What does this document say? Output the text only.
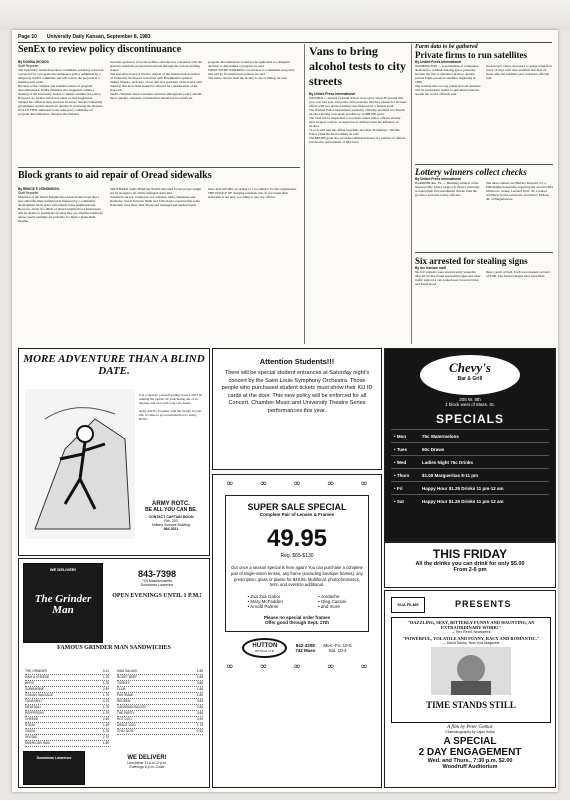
Page 10 University Daily Kansan, September 8, 1983
SenEx to review policy discontinuance
By DONNA WOODS
Staff Reporter
The University Senate Executive Committee yesterday reviewed a proposal for a program discontinuance policy submitted by a temporary SenEx committee and will review the proposal at a meeting next week.
Because of the complex and sensitive nature of program discontinuances, SenEx members also suggested calling a meeting of the University Senate to further examine the policy. However, no formal action was taken on that suggestion.
Several KU officials have stressed, however, that the University government system should act quickly in reviewing the measure.
IN A LETTER addressed to the temporary committee on program discontinuance, Marylee Brochmann,
associate professor of social welfare, said she was concerned with the speed in which the proposal had moved through the various drafting stages.
The executive board of the KU chapter of the American Association of University Professors concurred with Brochmann's opinion.
Sidney Shapiro, professor of law and vice president of the board, said Tuesday that more time should be allowed for consideration of the proposal.
SenEx chairman Jason Carothers said that although the policy should move quickly, adequate consideration should not be sacrificed.
program discontinuance would not be applicable to a Regents' decision to discontinue a program, he said.
WHAT WE'RE WORKING toward here is a statement and policy that will go for internal procedures, he said.
The main concern from the faculty is one of timing, he said.
Block grants to aid repair of Oread sidewalks
By BRUCE F. HONOMICHL
Staff Reporter
Members of the Oread Neighborhood Association hope that a new sidewalk-improvement plan financed by a community development block grant will remedy these neighborhoods.
However, about two-thirds of Oread neighborhood landowners will be unable to participate because they are absentee landlords whose yearly earnings are probably too high to make them eligible.
SOUTHARD SAID THAT the $5,000 allocated for the project might not be enough to fix all the damaged sidewalks.
Southard's survey, conducted on Louisiana, Ohio, Tennessee and Kentucky streets between Ninth and 14th streets, reported that some sidewalks were more than 50 percent damaged and needed repair.
more than $10,000, according to a coordinator for the organization.
THE POLICY OF charging residents who do not repair their sidewalks is not new, according to one city official.
Vans to bring alcohol tests to city streets
By United Press International
WICHITA — Arrests of drunk drivers were up by about 60 percent this year over last year, and police said yesterday that they planned to increase efforts with two alcohol-testing vans financed by a federal grant.
The Wichita Police Department yesterday officially unveiled two Breath Alcohol Testing vans made possible by an $88,000 grant.
The vans can be dispatched to locations where police officers already have stopped a driver on suspicion of driving under the influence of alcohol.
"It now will take the officer hopefully less than 30 minutes," Wichita Police Chief Richard LaMunyon said.
The $88,000 grant also provides additional money for salaries of officers involved in enforcement of DUI laws.
Farm data to be gathered
Private firms to run satellites
By United Press International
WASHINGTON — A partnership of companies, dedicated to commercializing space yesterday became the first to announce plans to operate private Earth-resources satellites beginning in 1986.
The satellite data on crop yields and soil moisture will be particularly useful to agriculture interests around the world, officials said.
stereoscopic views, necessary to gauge water flow every 16 days with data available less than 24 hours after the satellites pass overhead, officials said.
Lottery winners collect checks
By United Press International
HARRISBURG, Pa. — Beaming winners of the largest public lottery jackpot in history yesterday accepted their first installment checks from the governor and state lottery officials.
The three winners are Barbara Knoechi, 25, a Philadelphia housewife expecting her second child within two weeks; Leonard Wolf, 56, a retired bricklayer from Lewistown; and Nancy Molnar, 46, of Burgettstown.
Six arrested for stealing signs
By the Kansan staff
Six KU students were arrested early yesterday after KU police found speed-limit signs and other traffic signs in a van parked near Crescent Drive and Engel Road.
three counts of theft. Each was released on bond of $100. The formal charges have been filed.
MORE ADVENTURE THAN A BLIND DATE.
Can a superior yourself getting down a cliff? Or running the rapids? Or parachuting out of an airplane and over with your own hands.
Army ROTC, Together with the faculty in your life, it's time to get an introduction to Army ROTC.
ARMY ROTC.
BE ALL YOU CAN BE.
CONTACT CAPTAIN MOON
Rm. 203
Military Science Building
864-3311
WE DELIVER!
The Grinder Man
843-7398
704 Massachusetts
Downtown Lawrence
OPEN EVENINGS UNTIL 1 P.M.!
FAMOUS GRINDER MAN SANDWICHES
THE GRINDER	3.41
HAM & CHEESE	1.75
HERO	1.75
SUBMARINE	2.99
ITALIAN SAUSAGE	1.75
TUNA MELT	3.75
MEATBALL	1.75
PEPPERONI	1.75
CHEESE	2.45
STEAK	1.49
GINGA	1.75
VEGGIE	2.75
AMERICAN HAM	1.85
HAM SALAMI	1.85
ROAST BEEF	1.88
TURKEY	3.88
CLUB	1.85
PASTRAMI	1.85
REUBEN	3.85
CANADIAN BACON	2.85
THE PARTY	3.85
HOT DOG	0.99
KRAUT DOG	1.75
CHILI DOG	1.50
Downtown Lawrence	WE DELIVER!
Lunchtime 11 a.m.-2 p.m.
Evenings 5 p.m.-Close
Attention Students!!!
There will be special student entrances at Saturday night's concert by the Saint Louis Symphony Orchestra. Those people who purchased student tickets must show their KU ID cards at the door. This new policy will be enforced for all Concert, Chamber Music and University Theatre Series performances this year.
∞	∞	∞	∞	∞
SUPER SALE SPECIAL
Complete Pair of Lenses & Frames
49.95
Reg. $65-$130
Our once a season special is here again! You can purchase a complete pair of single-vision lenses, any frame (excluding boutique frames), any prescription, glass or plastic for $49.95. Multifocal, photochromatics, tints, and oversize additional.
• Zsa Zsa Gabor
• Mary McFadden
• Arnold Palmer
• Jordache
• Oleg Cassini
• and more
Please no special order frames
Offer good through Sept. 17th
HUTTON
OPTICAL LTD.
842-3208
742 Mass
Mon.-Fri. 10-5
Sat. 10-4
∞	∞	∞	∞	∞
Chevy's
Bar & Grill
205 W. 8th
1 block west of Mass. St.
SPECIALS
• Mon	75c Watermelons
• Tues	50c Draws
• Wed	Ladies Night 75c Drinks
• Thurs	$1.00 Margueritas 8-11 pm
• Fri	Happy Hour $1.25 Drinks 11 pm-12 am
• Sat	Happy Hour $1.25 Drinks 11 pm-12 am
THIS FRIDAY
All the drinks you can drink for only $5.00
From 2-6 pm
SUA FILMS	PRESENTS
"DAZZLING, SEXY, BITTERLY FUNNY AND HAUNTING, AN EXTRAORDINARY WORK!"
— Rex Reed, Newsweek
"POWERFUL, VOLATILE AND FUNNY, RACY AND ROMANTIC."
— David Denby, New York Magazine
TIME STANDS STILL
A film by Peter Gothar
Cinematography by Lajos Koltai
A SPECIAL
2 DAY ENGAGEMENT
Wed. and Thurs., 7:30 p.m. $2.00
Woodruff Auditorium
